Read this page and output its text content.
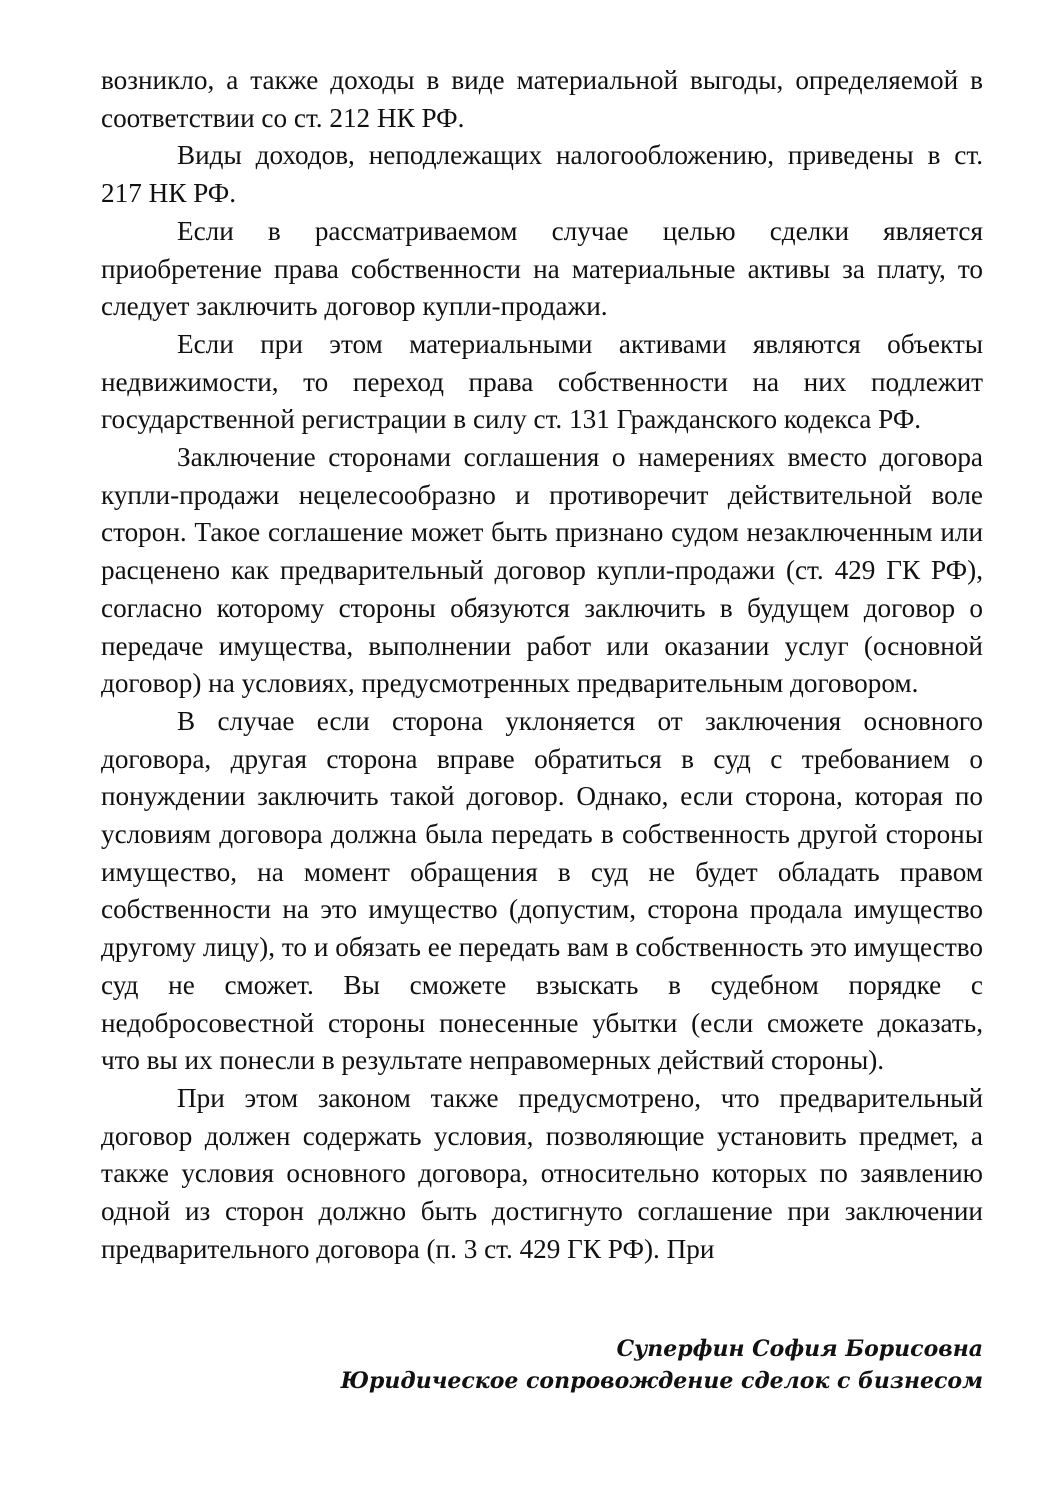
возникло, а также доходы в виде материальной выгоды, определяемой в соответствии со ст. 212 НК РФ.

Виды доходов, неподлежащих налогообложению, приведены в ст. 217 НК РФ.

Если в рассматриваемом случае целью сделки является приобретение права собственности на материальные активы за плату, то следует заключить договор купли-продажи.

Если при этом материальными активами являются объекты недвижимости, то переход права собственности на них подлежит государственной регистрации в силу ст. 131 Гражданского кодекса РФ.

Заключение сторонами соглашения о намерениях вместо договора купли-продажи нецелесообразно и противоречит действительной воле сторон. Такое соглашение может быть признано судом незаключенным или расценено как предварительный договор купли-продажи (ст. 429 ГК РФ), согласно которому стороны обязуются заключить в будущем договор о передаче имущества, выполнении работ или оказании услуг (основной договор) на условиях, предусмотренных предварительным договором.

В случае если сторона уклоняется от заключения основного договора, другая сторона вправе обратиться в суд с требованием о понуждении заключить такой договор. Однако, если сторона, которая по условиям договора должна была передать в собственность другой стороны имущество, на момент обращения в суд не будет обладать правом собственности на это имущество (допустим, сторона продала имущество другому лицу), то и обязать ее передать вам в собственность это имущество суд не сможет. Вы сможете взыскать в судебном порядке с недобросовестной стороны понесенные убытки (если сможете доказать, что вы их понесли в результате неправомерных действий стороны).

При этом законом также предусмотрено, что предварительный договор должен содержать условия, позволяющие установить предмет, а также условия основного договора, относительно которых по заявлению одной из сторон должно быть достигнуто соглашение при заключении предварительного договора (п. 3 ст. 429 ГК РФ). При

Суперфин София Борисовна
Юридическое сопровождение сделок с бизнесом
